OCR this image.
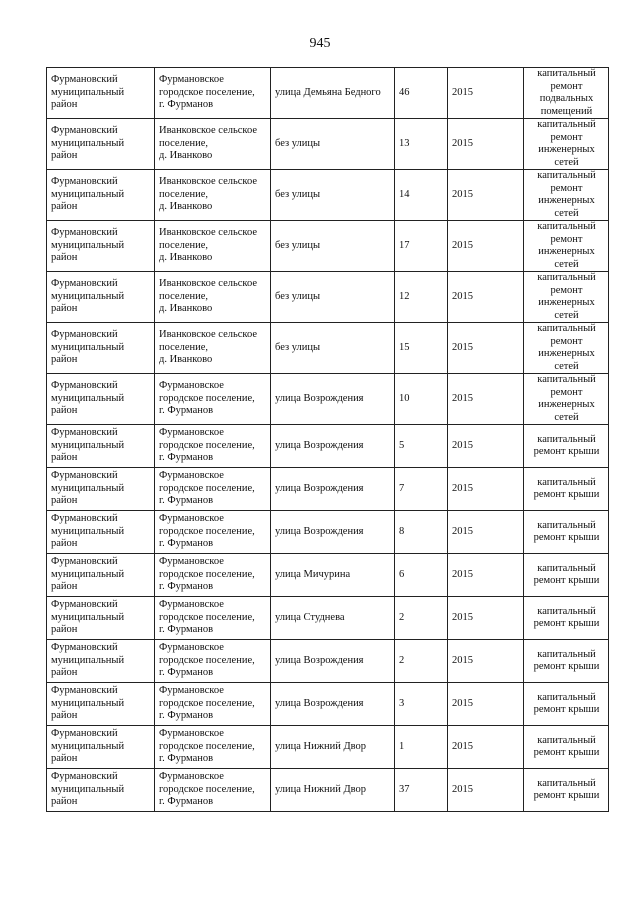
945
Фурмановский
муниципальный
район	Фурмановское
городское поселение,
г. Фурманов	улица Демьяна Бедного	46	2015	капитальный
ремонт
подвальных
помещений
Фурмановский
муниципальный
район	Иванковское сельское
поселение,
д. Иванково	без улицы	13	2015	капитальный
ремонт
инженерных
сетей
Фурмановский
муниципальный
район	Иванковское сельское
поселение,
д. Иванково	без улицы	14	2015	капитальный
ремонт
инженерных
сетей
Фурмановский
муниципальный
район	Иванковское сельское
поселение,
д. Иванково	без улицы	17	2015	капитальный
ремонт
инженерных
сетей
Фурмановский
муниципальный
район	Иванковское сельское
поселение,
д. Иванково	без улицы	12	2015	капитальный
ремонт
инженерных
сетей
Фурмановский
муниципальный
район	Иванковское сельское
поселение,
д. Иванково	без улицы	15	2015	капитальный
ремонт
инженерных
сетей
Фурмановский
муниципальный
район	Фурмановское
городское поселение,
г. Фурманов	улица Возрождения	10	2015	капитальный
ремонт
инженерных
сетей
Фурмановский
муниципальный
район	Фурмановское
городское поселение,
г. Фурманов	улица Возрождения	5	2015	капитальный
ремонт крыши
Фурмановский
муниципальный
район	Фурмановское
городское поселение,
г. Фурманов	улица Возрождения	7	2015	капитальный
ремонт крыши
Фурмановский
муниципальный
район	Фурмановское
городское поселение,
г. Фурманов	улица Возрождения	8	2015	капитальный
ремонт крыши
Фурмановский
муниципальный
район	Фурмановское
городское поселение,
г. Фурманов	улица Мичурина	6	2015	капитальный
ремонт крыши
Фурмановский
муниципальный
район	Фурмановское
городское поселение,
г. Фурманов	улица Студнева	2	2015	капитальный
ремонт крыши
Фурмановский
муниципальный
район	Фурмановское
городское поселение,
г. Фурманов	улица Возрождения	2	2015	капитальный
ремонт крыши
Фурмановский
муниципальный
район	Фурмановское
городское поселение,
г. Фурманов	улица Возрождения	3	2015	капитальный
ремонт крыши
Фурмановский
муниципальный
район	Фурмановское
городское поселение,
г. Фурманов	улица Нижний Двор	1	2015	капитальный
ремонт крыши
Фурмановский
муниципальный
район	Фурмановское
городское поселение,
г. Фурманов	улица Нижний Двор	37	2015	капитальный
ремонт крыши
